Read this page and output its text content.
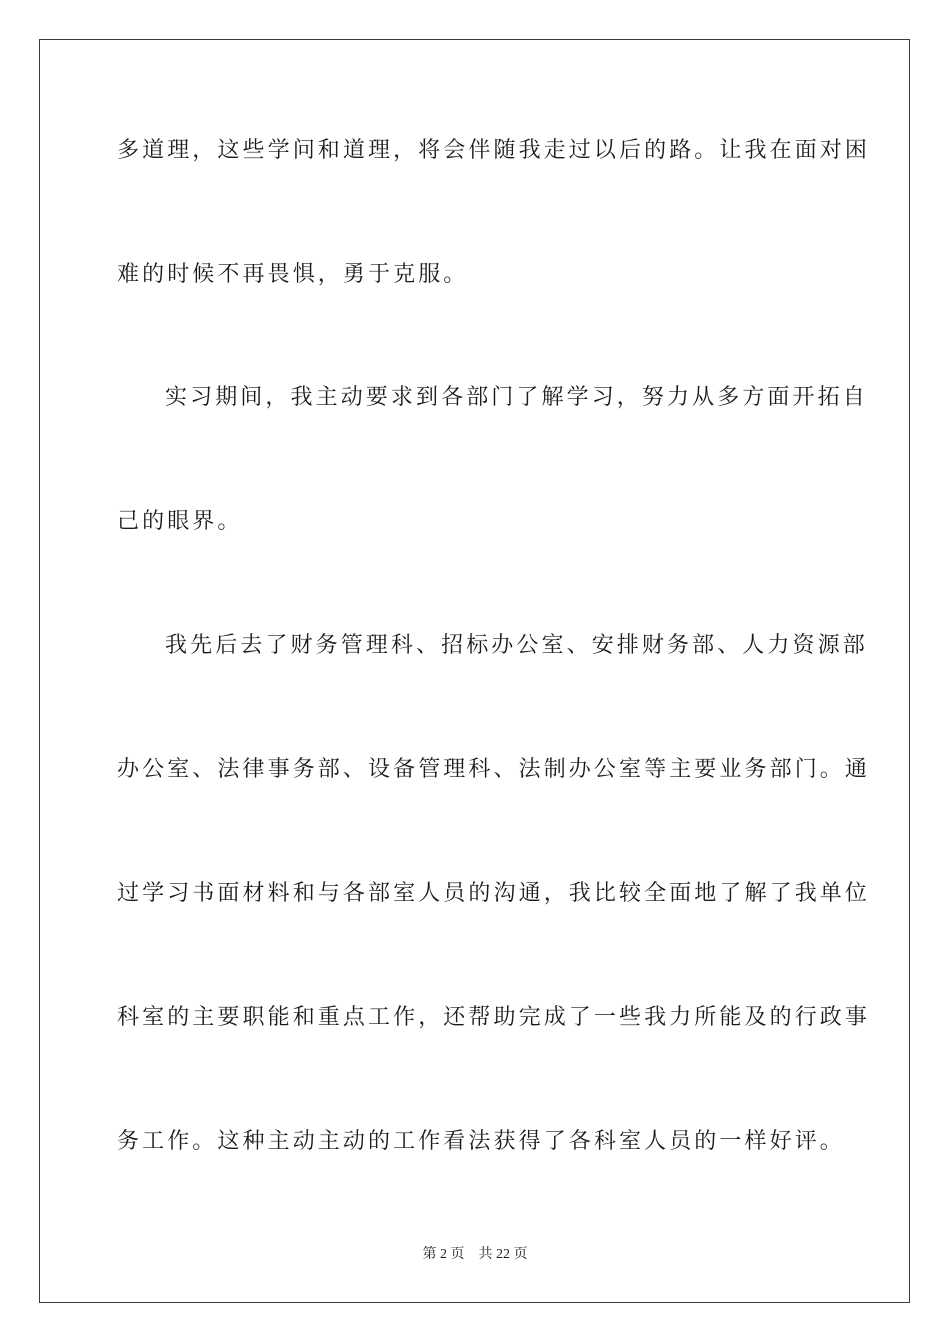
多道理，这些学问和道理，将会伴随我走过以后的路。让我在面对困
难的时候不再畏惧，勇于克服。
实习期间，我主动要求到各部门了解学习，努力从多方面开拓自
己的眼界。
我先后去了财务管理科、招标办公室、安排财务部、人力资源部
办公室、法律事务部、设备管理科、法制办公室等主要业务部门。通
过学习书面材料和与各部室人员的沟通，我比较全面地了解了我单位
科室的主要职能和重点工作，还帮助完成了一些我力所能及的行政事
务工作。这种主动主动的工作看法获得了各科室人员的一样好评。
第 2 页    共 22 页
